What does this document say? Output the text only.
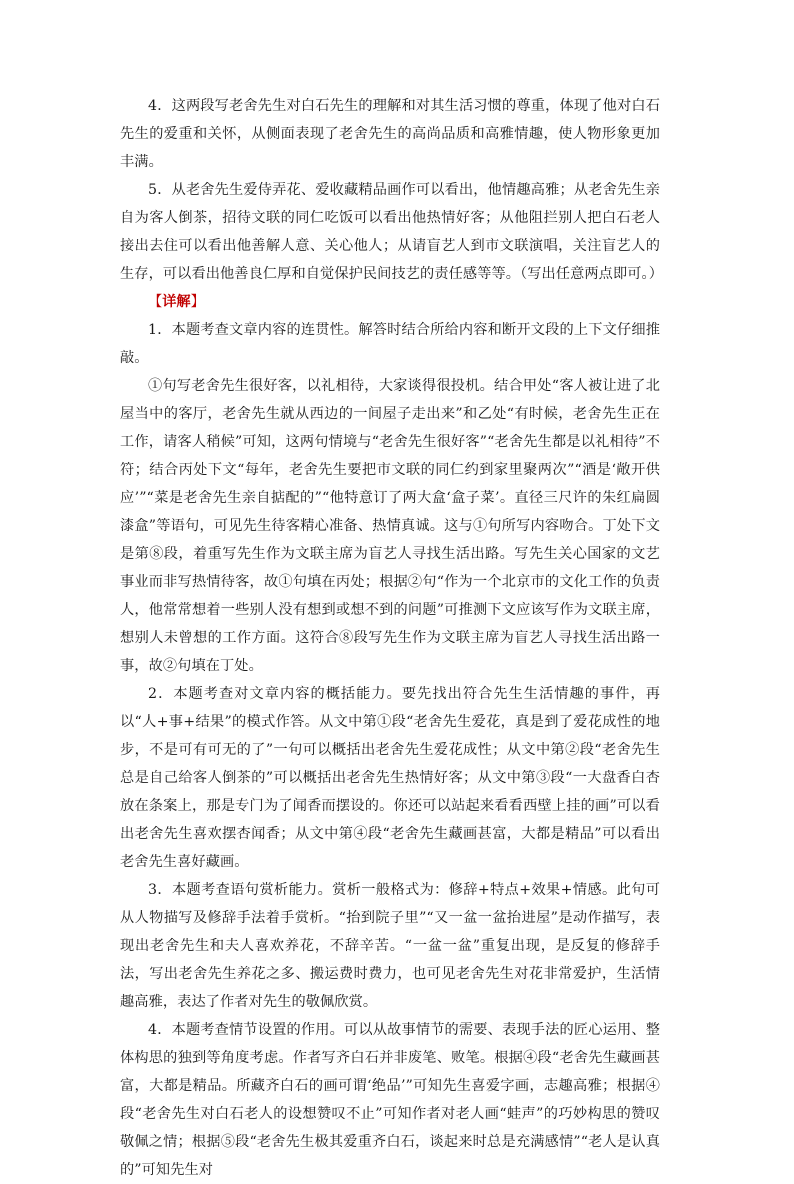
4．这两段写老舍先生对白石先生的理解和对其生活习惯的尊重，体现了他对白石先生的爱重和关怀，从侧面表现了老舍先生的高尚品质和高雅情趣，使人物形象更加丰满。

5．从老舍先生爱侍弄花、爱收藏精品画作可以看出，他情趣高雅；从老舍先生亲自为客人倒茶，招待文联的同仁吃饭可以看出他热情好客；从他阻拦别人把白石老人接出去住可以看出他善解人意、关心他人；从请盲艺人到市文联演唱，关注盲艺人的生存，可以看出他善良仁厚和自觉保护民间技艺的责任感等等。（写出任意两点即可。）

【详解】

1．本题考查文章内容的连贯性。解答时结合所给内容和断开文段的上下文仔细推敲。

①句写老舍先生很好客，以礼相待，大家谈得很投机。结合甲处“客人被让进了北屋当中的客厅，老舍先生就从西边的一间屋子走出来”和乙处“有时候，老舍先生正在工作，请客人稍候”可知，这两句情境与“老舍先生很好客”“老舍先生都是以礼相待”不符；结合丙处下文“每年，老舍先生要把市文联的同仁约到家里聚两次”“酒是‘敞开供应’”“菜是老舍先生亲自掂配的”“他特意订了两大盒‘盒子菜’。直径三尺许的朱红扁圆漆盒”等语句，可见先生待客精心准备、热情真诚。这与①句所写内容吻合。丁处下文是第⑧段，着重写先生作为文联主席为盲艺人寻找生活出路。写先生关心国家的文艺事业而非写热情待客，故①句填在丙处；根据②句“作为一个北京市的文化工作的负责人，他常常想着一些别人没有想到或想不到的问题”可推测下文应该写作为文联主席，想别人未曾想的工作方面。这符合⑧段写先生作为文联主席为盲艺人寻找生活出路一事，故②句填在丁处。

2．本题考查对文章内容的概括能力。要先找出符合先生生活情趣的事件，再以“人+事+结果”的模式作答。从文中第①段“老舍先生爱花，真是到了爱花成性的地步，不是可有可无的了”一句可以概括出老舍先生爱花成性；从文中第②段“老舍先生总是自己给客人倒茶的”可以概括出老舍先生热情好客；从文中第③段“一大盘香白杏放在条案上，那是专门为了闻香而摆设的。你还可以站起来看看西壁上挂的画”可以看出老舍先生喜欢摆杏闻香；从文中第④段“老舍先生藏画甚富，大都是精品”可以看出老舍先生喜好藏画。

3．本题考查语句赏析能力。赏析一般格式为：修辞+特点+效果+情感。此句可从人物描写及修辞手法着手赏析。“抬到院子里”“又一盆一盆抬进屋”是动作描写，表现出老舍先生和夫人喜欢养花，不辞辛苦。“一盆一盆”重复出现，是反复的修辞手法，写出老舍先生养花之多、搬运费时费力，也可见老舍先生对花非常爱护，生活情趣高雅，表达了作者对先生的敬佩欣赏。

4．本题考查情节设置的作用。可以从故事情节的需要、表现手法的匠心运用、整体构思的独到等角度考虑。作者写齐白石并非废笔、败笔。根据④段“老舍先生藏画甚富，大都是精品。所藏齐白石的画可谓‘绝品’”可知先生喜爱字画，志趣高雅；根据④段“老舍先生对白石老人的设想赞叹不止”可知作者对老人画“蛙声”的巧妙构思的赞叹敬佩之情；根据⑤段“老舍先生极其爱重齐白石，谈起来时总是充满感情”“老人是认真的”可知先生对
